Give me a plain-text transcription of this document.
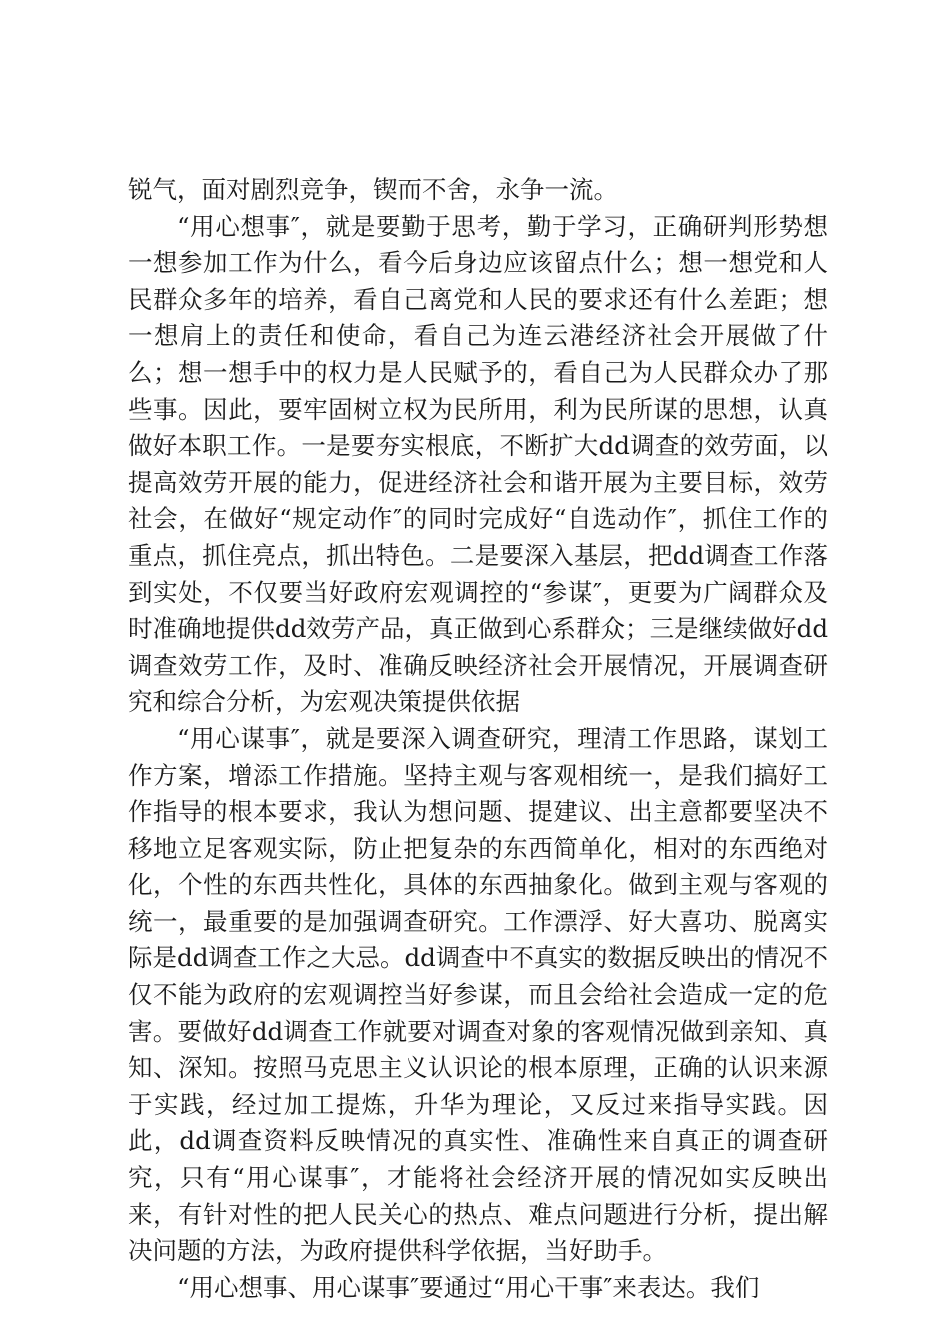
锐气，面对剧烈竞争，锲而不舍，永争一流。

“用心想事″，就是要勤于思考，勤于学习，正确研判形势想一想参加工作为什么，看今后身边应该留点什么；想一想党和人民群众多年的培养，看自己离党和人民的要求还有什么差距；想一想肩上的责任和使命，看自己为连云港经济社会开展做了什么；想一想手中的权力是人民赋予的，看自己为人民群众办了那些事。因此，要牢固树立权为民所用，利为民所谋的思想，认真做好本职工作。一是要夯实根底，不断扩大dd调查的效劳面，以提高效劳开展的能力，促进经济社会和谐开展为主要目标，效劳社会，在做好“规定动作″的同时完成好“自选动作″，抓住工作的重点，抓住亮点，抓出特色。二是要深入基层，把dd调查工作落到实处，不仅要当好政府宏观调控的“参谋″，更要为广阔群众及时准确地提供dd效劳产品，真正做到心系群众；三是继续做好dd调查效劳工作，及时、准确反映经济社会开展情况，开展调查研究和综合分析，为宏观决策提供依据

“用心谋事″，就是要深入调查研究，理清工作思路，谋划工作方案，增添工作措施。坚持主观与客观相统一，是我们搞好工作指导的根本要求，我认为想问题、提建议、出主意都要坚决不移地立足客观实际，防止把复杂的东西简单化，相对的东西绝对化，个性的东西共性化，具体的东西抽象化。做到主观与客观的统一，最重要的是加强调查研究。工作漂浮、好大喜功、脱离实际是dd调查工作之大忌。dd调查中不真实的数据反映出的情况不仅不能为政府的宏观调控当好参谋，而且会给社会造成一定的危害。要做好dd调查工作就要对调查对象的客观情况做到亲知、真知、深知。按照马克思主义认识论的根本原理，正确的认识来源于实践，经过加工提炼，升华为理论，又反过来指导实践。因此，dd调查资料反映情况的真实性、准确性来自真正的调查研究，只有“用心谋事″，才能将社会经济开展的情况如实反映出来，有针对性的把人民关心的热点、难点问题进行分析，提出解决问题的方法，为政府提供科学依据，当好助手。

“用心想事、用心谋事″要通过“用心干事″来表达。我们
